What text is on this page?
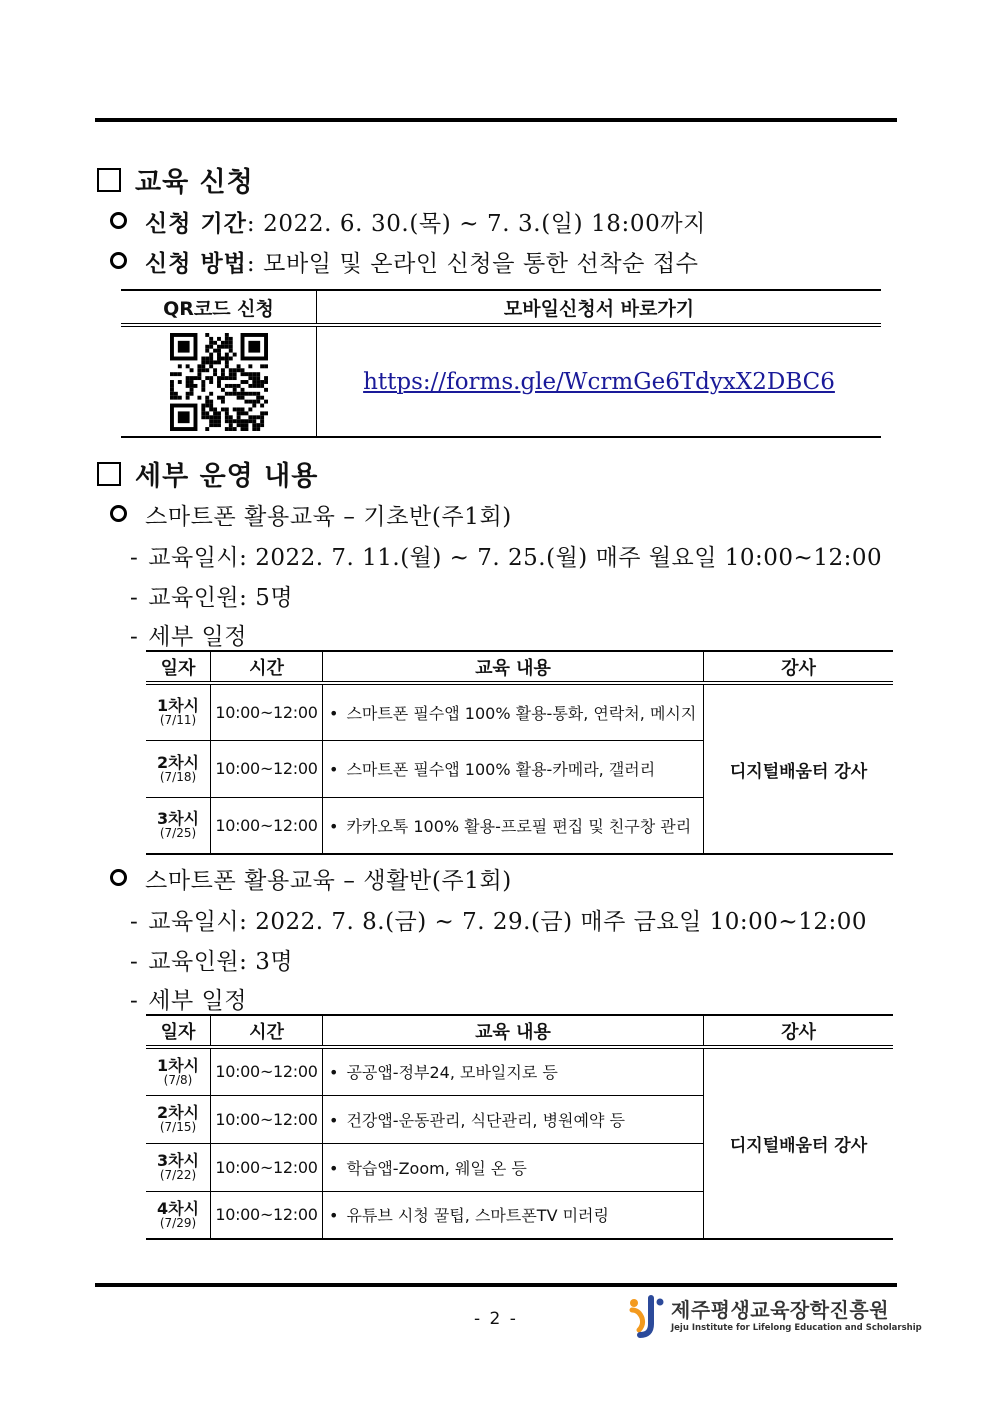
교육 신청
신청 기간: 2022. 6. 30.(목) ~ 7. 3.(일) 18:00까지
신청 방법: 모바일 및 온라인 신청을 통한 선착순 접수
QR코드 신청	모바일신청서 바로가기
	https://forms.gle/WcrmGe6TdyxX2DBC6
세부 운영 내용
스마트폰 활용교육 – 기초반(주1회)
- 교육일시: 2022. 7. 11.(월) ~ 7. 25.(월) 매주 월요일 10:00~12:00
- 교육인원: 5명
- 세부 일정
일자	시간	교육 내용	강사

1차시
(7/11)	10:00~12:00	• 스마트폰 필수앱 100% 활용-통화, 연락처, 메시지	디지털배움터 강사

2차시
(7/18)	10:00~12:00	• 스마트폰 필수앱 100% 활용-카메라, 갤러리	

3차시
(7/25)	10:00~12:00	• 카카오톡 100% 활용-프로필 편집 및 친구창 관리	
스마트폰 활용교육 – 생활반(주1회)
- 교육일시: 2022. 7. 8.(금) ~ 7. 29.(금) 매주 금요일 10:00~12:00
- 교육인원: 3명
- 세부 일정
일자	시간	교육 내용	강사

1차시
(7/8)	10:00~12:00	• 공공앱-정부24, 모바일지로 등	디지털배움터 강사

2차시
(7/15)	10:00~12:00	• 건강앱-운동관리, 식단관리, 병원예약 등	

3차시
(7/22)	10:00~12:00	• 학습앱-Zoom, 웨일 온 등	

4차시
(7/29)	10:00~12:00	• 유튜브 시청 꿀팁, 스마트폰TV 미러링	
- 2 -	제주평생교육장학진흥원
Jeju Institute for Lifelong Education and Scholarship
